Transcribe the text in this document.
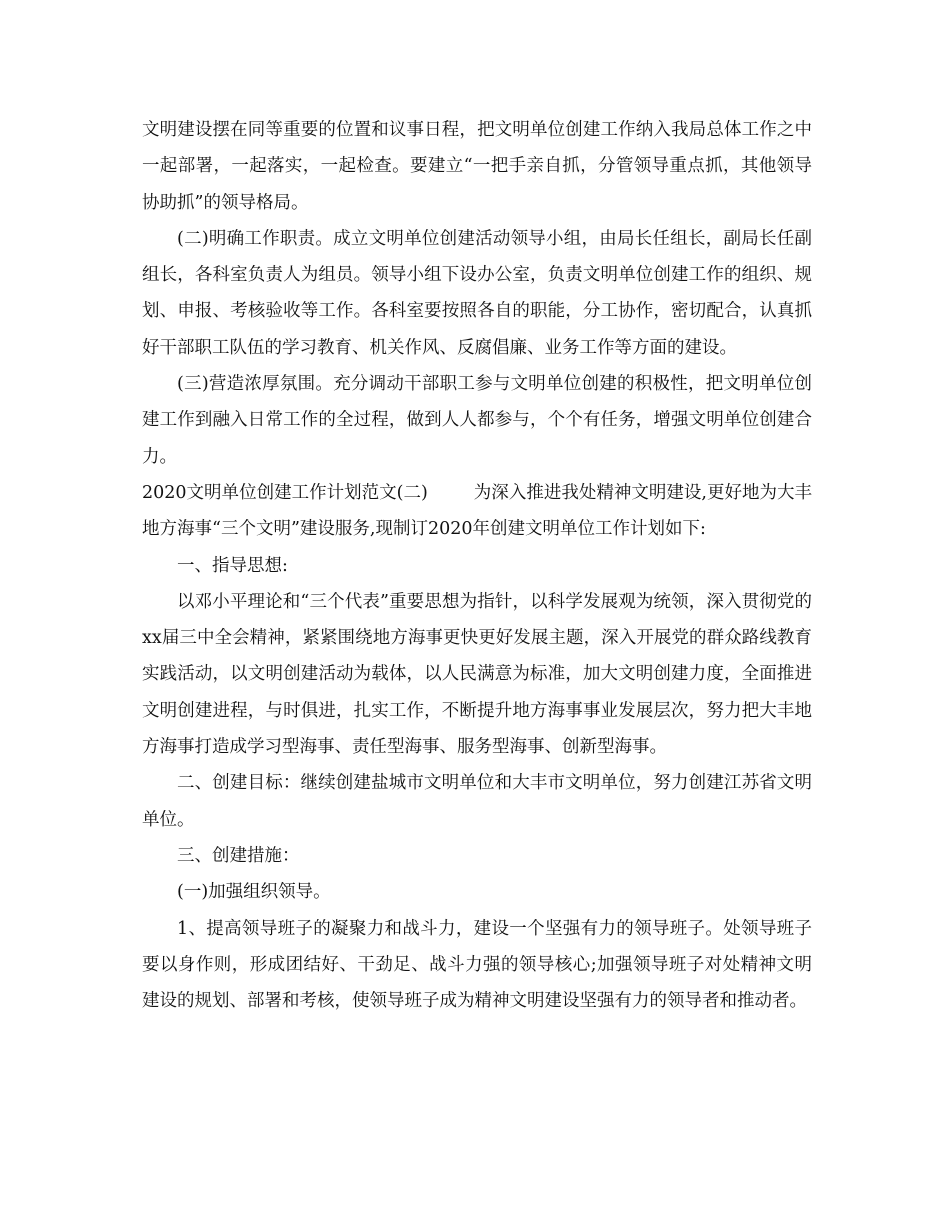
文明建设摆在同等重要的位置和议事日程，把文明单位创建工作纳入我局总体工作之中一起部署，一起落实，一起检查。要建立“一把手亲自抓，分管领导重点抓，其他领导协助抓”的领导格局。

(二)明确工作职责。成立文明单位创建活动领导小组，由局长任组长，副局长任副组长，各科室负责人为组员。领导小组下设办公室，负责文明单位创建工作的组织、规划、申报、考核验收等工作。各科室要按照各自的职能，分工协作，密切配合，认真抓好干部职工队伍的学习教育、机关作风、反腐倡廉、业务工作等方面的建设。

(三)营造浓厚氛围。充分调动干部职工参与文明单位创建的积极性，把文明单位创建工作到融入日常工作的全过程，做到人人都参与，个个有任务，增强文明单位创建合力。

2020文明单位创建工作计划范文(二)	为深入推进我处精神文明建设,更好地为大丰地方海事“三个文明”建设服务,现制订2020年创建文明单位工作计划如下:

一、指导思想:

以邓小平理论和“三个代表”重要思想为指针，以科学发展观为统领，深入贯彻党的xx届三中全会精神，紧紧围绕地方海事更快更好发展主题，深入开展党的群众路线教育实践活动，以文明创建活动为载体，以人民满意为标准，加大文明创建力度，全面推进文明创建进程，与时俱进，扎实工作，不断提升地方海事事业发展层次，努力把大丰地方海事打造成学习型海事、责任型海事、服务型海事、创新型海事。

二、创建目标：继续创建盐城市文明单位和大丰市文明单位，努力创建江苏省文明单位。

三、创建措施：

(一)加强组织领导。

1、提高领导班子的凝聚力和战斗力，建设一个坚强有力的领导班子。处领导班子要以身作则，形成团结好、干劲足、战斗力强的领导核心;加强领导班子对处精神文明建设的规划、部署和考核，使领导班子成为精神文明建设坚强有力的领导者和推动者。
